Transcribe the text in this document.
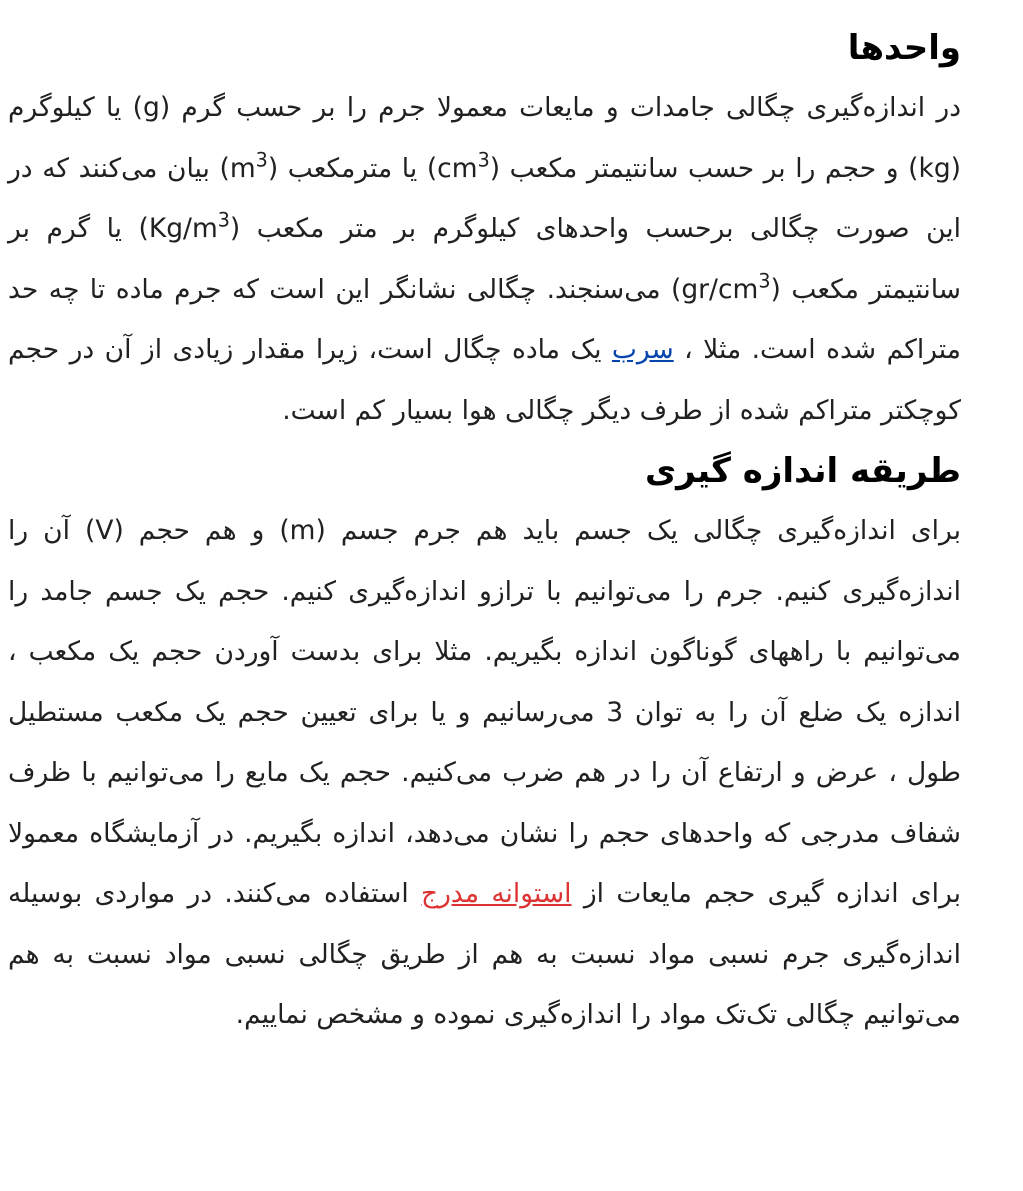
واحدها

در اندازه‌گیری چگالی جامدات و مایعات معمولا جرم را بر حسب گرم (g) یا کیلوگرم (kg) و حجم را بر حسب سانتیمتر مکعب $(cm^3)$ یا مترمکعب $(m^3)$ بیان می‌کنند که در این صورت چگالی برحسب واحدهای کیلوگرم بر متر مکعب $(Kg/m^3)$ یا گرم بر سانتیمتر مکعب $(gr/cm^3)$ می‌سنجند. چگالی نشانگر این است که جرم ماده تا چه حد متراکم شده است. مثلا ، سرب یک ماده چگال است، زیرا مقدار زیادی از آن در حجم کوچکتر متراکم شده از طرف دیگر چگالی هوا بسیار کم است.

طریقه اندازه گیری

برای اندازه‌گیری چگالی یک جسم باید هم جرم جسم (m) و هم حجم (V) آن را اندازه‌گیری کنیم. جرم را می‌توانیم با ترازو اندازه‌گیری کنیم. حجم یک جسم جامد را می‌توانیم با راههای گوناگون اندازه بگیریم. مثلا برای بدست آوردن حجم یک مکعب ، اندازه یک ضلع آن را به توان 3 می‌رسانیم و یا برای تعیین حجم یک مکعب مستطیل طول ، عرض و ارتفاع آن را در هم ضرب می‌کنیم. حجم یک مایع را می‌توانیم با ظرف شفاف مدرجی که واحدهای حجم را نشان می‌دهد، اندازه بگیریم. در آزمایشگاه معمولا برای اندازه گیری حجم مایعات از استوانه مدرج استفاده می‌کنند. در مواردی بوسیله اندازه‌گیری جرم نسبی مواد نسبت به هم از طریق چگالی نسبی مواد نسبت به هم می‌توانیم چگالی تک‌تک مواد را اندازه‌گیری نموده و مشخص نماییم.
